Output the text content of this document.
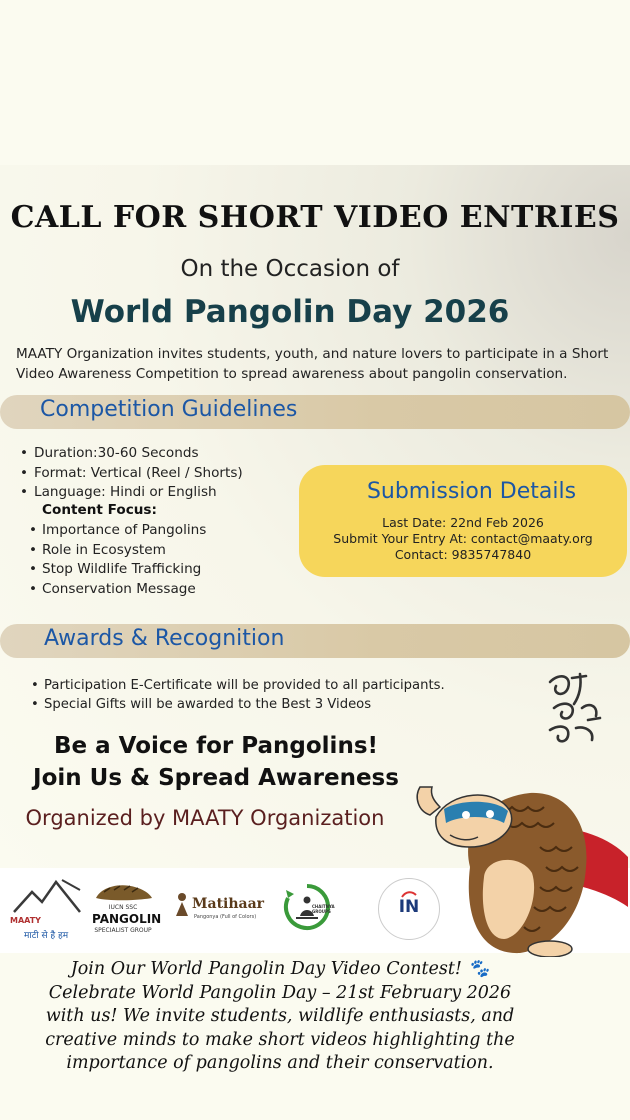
CALL FOR SHORT VIDEO ENTRIES
On the Occasion of
World Pangolin Day 2026
MAATY Organization invites students, youth, and nature lovers to participate in a Short Video Awareness Competition to spread awareness about pangolin conservation.
Competition Guidelines
• Duration:30-60 Seconds
• Format: Vertical (Reel / Shorts)
• Language: Hindi or English
Content Focus:
• Importance of Pangolins
• Role in Ecosystem
• Stop Wildlife Trafficking
• Conservation Message
Submission Details
Last Date: 22nd Feb 2026
Submit Your Entry At: contact@maaty.org
Contact: 9835747840
Awards & Recognition
• Participation E-Certificate will be provided to all participants.
• Special Gifts will be awarded to the Best 3 Videos
Be a Voice for Pangolins!
Join Us & Spread Awareness
Organized by MAATY Organization
MAATY
माटी से है हम
IUCN SSC
PANGOLIN
SPECIALIST GROUP
Matihaar
Pangonya (Full of Colors)
CHAITNYA GROUPS	IN
Join Our World Pangolin Day Video Contest! 🐾
Celebrate World Pangolin Day – 21st February 2026
with us! We invite students, wildlife enthusiasts, and
creative minds to make short videos highlighting the
importance of pangolins and their conservation.
